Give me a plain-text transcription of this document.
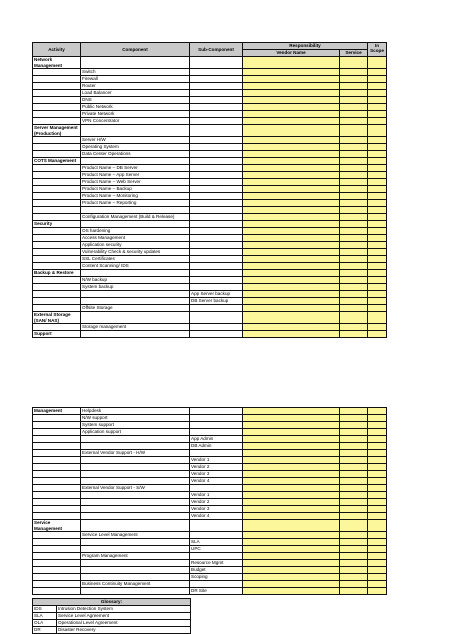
Activity	Component	Sub-Component	Responsibility		In Scope
			Vendor Name	Service	
Network Management					
	Switch				
	Firewall				
	Router				
	Load Balancer				
	DNS				
	Public Network				
	Private Network				
	VPN Concentrator				
Server Management (Production)					
	Server H/W				
	Operating System				
	Data Center Operations				
COTS Management					
	Product Name – DB Server				
	Product Name – App Server				
	Product Name – Web Server				
	Product Name – Backup				
	Product Name – Monitoring				
	Product Name – Reporting				

	Configuration Management (Build & Release)				
Security					
	OS hardening				
	Access Management				
	Application security				
	Vulnerability Check & security updates				
	SSL Certificates				
	Content Scanning/ IDS				
Backup & Restore					
	N/W backup				
	System backup				
		App Server backup			
		DB Server backup			
	Offsite Storage				
External Storage (SAN/ NAS)					
	Storage management				
Support					
Management	Helpdesk				
	N/W support				
	System support				
	Application support				
		App Admin			
		DB Admin			
	External Vendor Support - H/W				
		Vendor 1			
		Vendor 2			
		Vendor 3			
		Vendor 4			
	External Vendor Support - S/W				
		Vendor 1			
		Vendor 2			
		Vendor 3			
		Vendor 4			
Service Management					
	Service Level Management				
		SLA			
		UPC			
	Program Management				
		Resource Mgmt			
		Budget			
		Scoping			
	Business Continuity Management				
		DR Site			
Glossary:	
IDS	Intrusion Detection System
SLA	Service Level Agreement
OLA	Operational Level Agreement
DR	Disaster Recovery
